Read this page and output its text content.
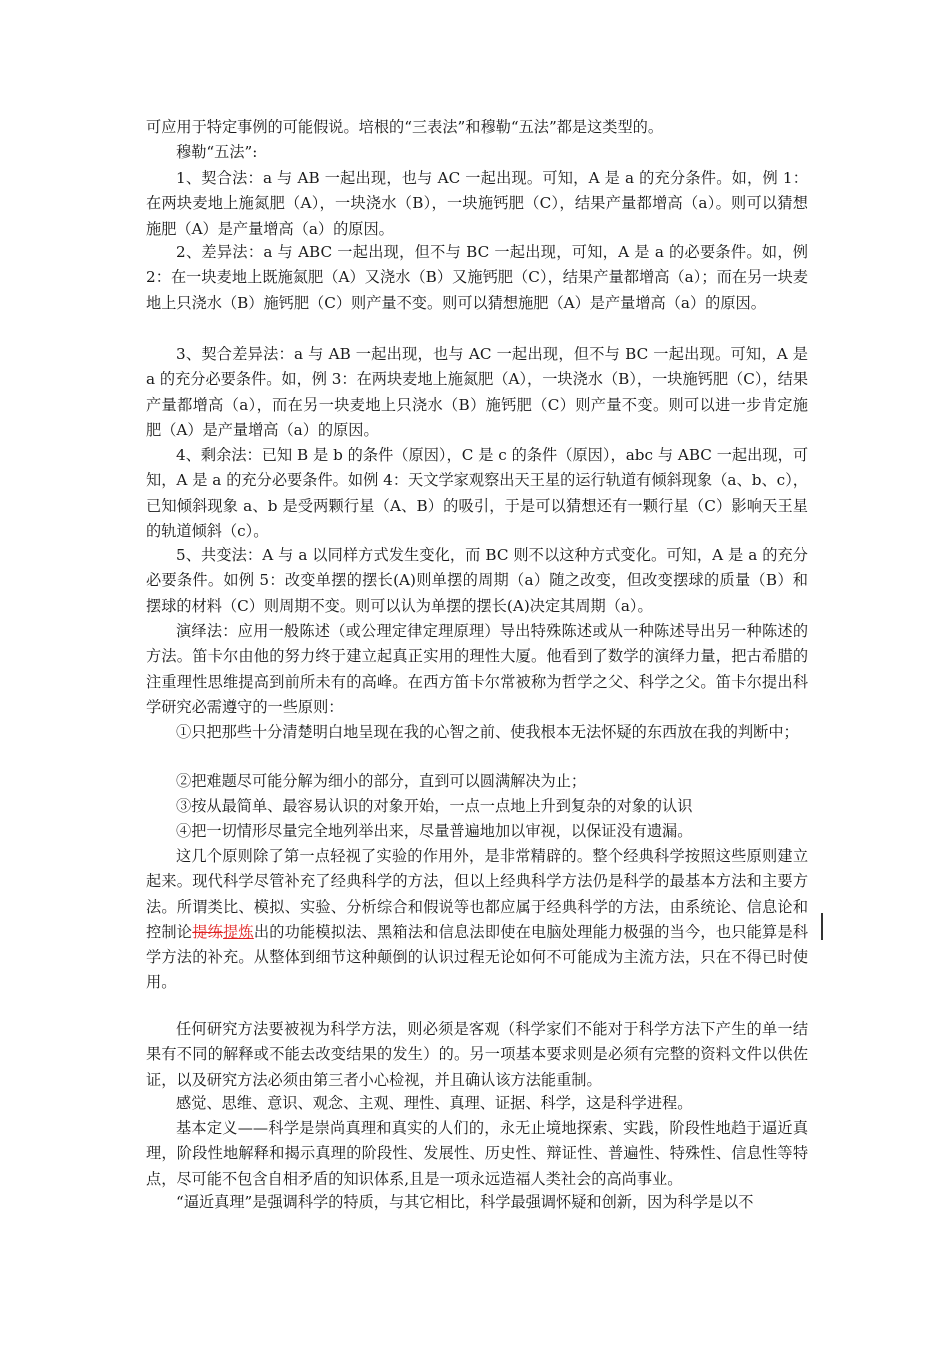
可应用于特定事例的可能假说。培根的“三表法”和穆勒“五法”都是这类型的。

穆勒“五法”:

1、契合法：a 与 AB 一起出现，也与 AC 一起出现。可知，A 是 a 的充分条件。如，例 1：在两块麦地上施氮肥（A），一块浇水（B），一块施钙肥（C），结果产量都增高（a）。则可以猜想施肥（A）是产量增高（a）的原因。

2、差异法：a 与 ABC 一起出现，但不与 BC 一起出现，可知，A 是 a 的必要条件。如，例 2：在一块麦地上既施氮肥（A）又浇水（B）又施钙肥（C），结果产量都增高（a）；而在另一块麦地上只浇水（B）施钙肥（C）则产量不变。则可以猜想施肥（A）是产量增高（a）的原因。

3、契合差异法：a 与 AB 一起出现，也与 AC 一起出现，但不与 BC 一起出现。可知，A 是 a 的充分必要条件。如，例 3：在两块麦地上施氮肥（A），一块浇水（B），一块施钙肥（C），结果产量都增高（a），而在另一块麦地上只浇水（B）施钙肥（C）则产量不变。则可以进一步肯定施肥（A）是产量增高（a）的原因。

4、剩余法：已知 B 是 b 的条件（原因），C 是 c 的条件（原因），abc 与 ABC 一起出现，可知，A 是 a 的充分必要条件。如例 4：天文学家观察出天王星的运行轨道有倾斜现象（a、b、c），已知倾斜现象 a、b 是受两颗行星（A、B）的吸引，于是可以猜想还有一颗行星（C）影响天王星的轨道倾斜（c）。

5、共变法：A 与 a 以同样方式发生变化，而 BC 则不以这种方式变化。可知，A 是 a 的充分必要条件。如例 5：改变单摆的摆长(A)则单摆的周期（a）随之改变，但改变摆球的质量（B）和摆球的材料（C）则周期不变。则可以认为单摆的摆长(A)决定其周期（a）。

演绎法：应用一般陈述（或公理定律定理原理）导出特殊陈述或从一种陈述导出另一种陈述的方法。笛卡尔由他的努力终于建立起真正实用的理性大厦。他看到了数学的演绎力量，把古希腊的注重理性思维提高到前所未有的高峰。在西方笛卡尔常被称为哲学之父、科学之父。笛卡尔提出科学研究必需遵守的一些原则：

①只把那些十分清楚明白地呈现在我的心智之前、使我根本无法怀疑的东西放在我的判断中；

②把难题尽可能分解为细小的部分，直到可以圆满解决为止；

③按从最简单、最容易认识的对象开始，一点一点地上升到复杂的对象的认识

④把一切情形尽量完全地列举出来，尽量普遍地加以审视，以保证没有遗漏。

这几个原则除了第一点轻视了实验的作用外，是非常精辟的。整个经典科学按照这些原则建立起来。现代科学尽管补充了经典科学的方法，但以上经典科学方法仍是科学的最基本方法和主要方法。所谓类比、模拟、实验、分析综合和假说等也都应属于经典科学的方法，由系统论、信息论和控制论提练提炼出的功能模拟法、黑箱法和信息法即使在电脑处理能力极强的当今，也只能算是科学方法的补充。从整体到细节这种颠倒的认识过程无论如何不可能成为主流方法，只在不得已时使用。

任何研究方法要被视为科学方法，则必须是客观（科学家们不能对于科学方法下产生的单一结果有不同的解释或不能去改变结果的发生）的。另一项基本要求则是必须有完整的资料文件以供佐证，以及研究方法必须由第三者小心检视，并且确认该方法能重制。

感觉、思维、意识、观念、主观、理性、真理、证据、科学，这是科学进程。

基本定义——科学是崇尚真理和真实的人们的，永无止境地探索、实践，阶段性地趋于逼近真理，阶段性地解释和揭示真理的阶段性、发展性、历史性、辩证性、普遍性、特殊性、信息性等特点，尽可能不包含自相矛盾的知识体系,且是一项永远造福人类社会的高尚事业。

“逼近真理”是强调科学的特质，与其它相比，科学最强调怀疑和创新，因为科学是以不
